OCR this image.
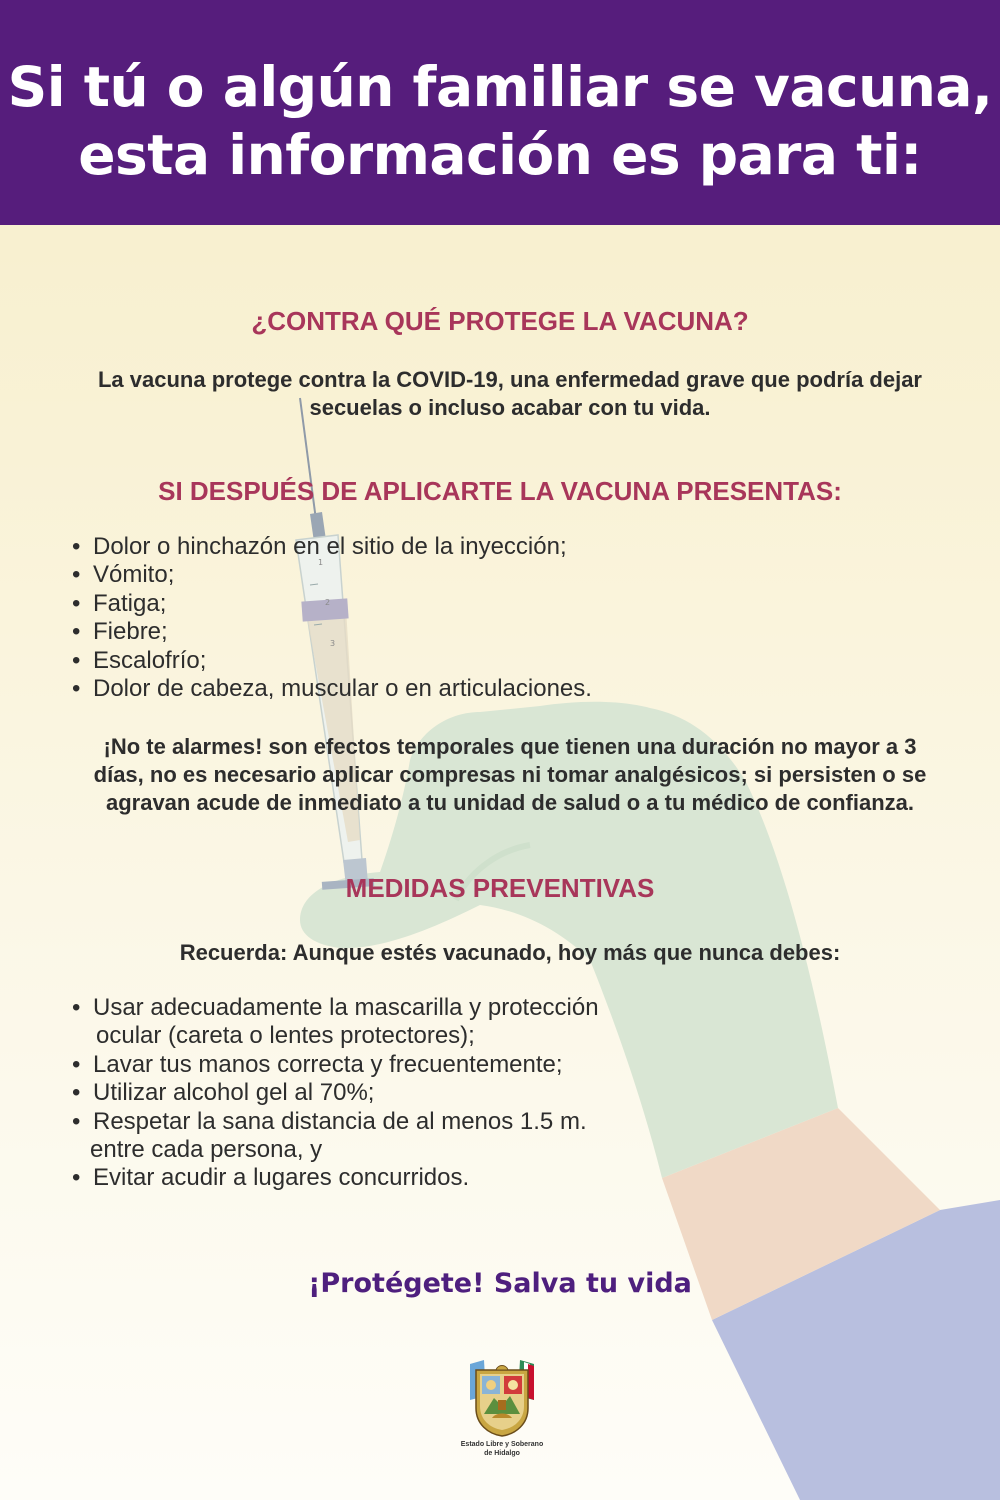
1
2
3
Si tú o algún familiar se vacuna,
esta información es para ti:
¿CONTRA QUÉ PROTEGE LA VACUNA?
La vacuna protege contra la COVID-19, una enfermedad grave que podría dejar secuelas o incluso acabar con tu vida.
SI DESPUÉS DE APLICARTE LA VACUNA PRESENTAS:
• Dolor o hinchazón en el sitio de la inyección;
• Vómito;
• Fatiga;
• Fiebre;
• Escalofrío;
• Dolor de cabeza, muscular o en articulaciones.
¡No te alarmes! son efectos temporales que tienen una duración no mayor a 3 días, no es necesario aplicar compresas ni tomar analgésicos; si persisten o se agravan acude de inmediato a tu unidad de salud o a tu médico de confianza.
MEDIDAS PREVENTIVAS
Recuerda: Aunque estés vacunado, hoy más que nunca debes:
• Usar adecuadamente la mascarilla y protección
ocular (careta o lentes protectores);
• Lavar tus manos correcta y frecuentemente;
• Utilizar alcohol gel al 70%;
• Respetar la sana distancia de al menos 1.5 m.
entre cada persona, y
• Evitar acudir a lugares concurridos.
¡Protégete! Salva tu vida
Estado Libre y Soberano
de Hidalgo
